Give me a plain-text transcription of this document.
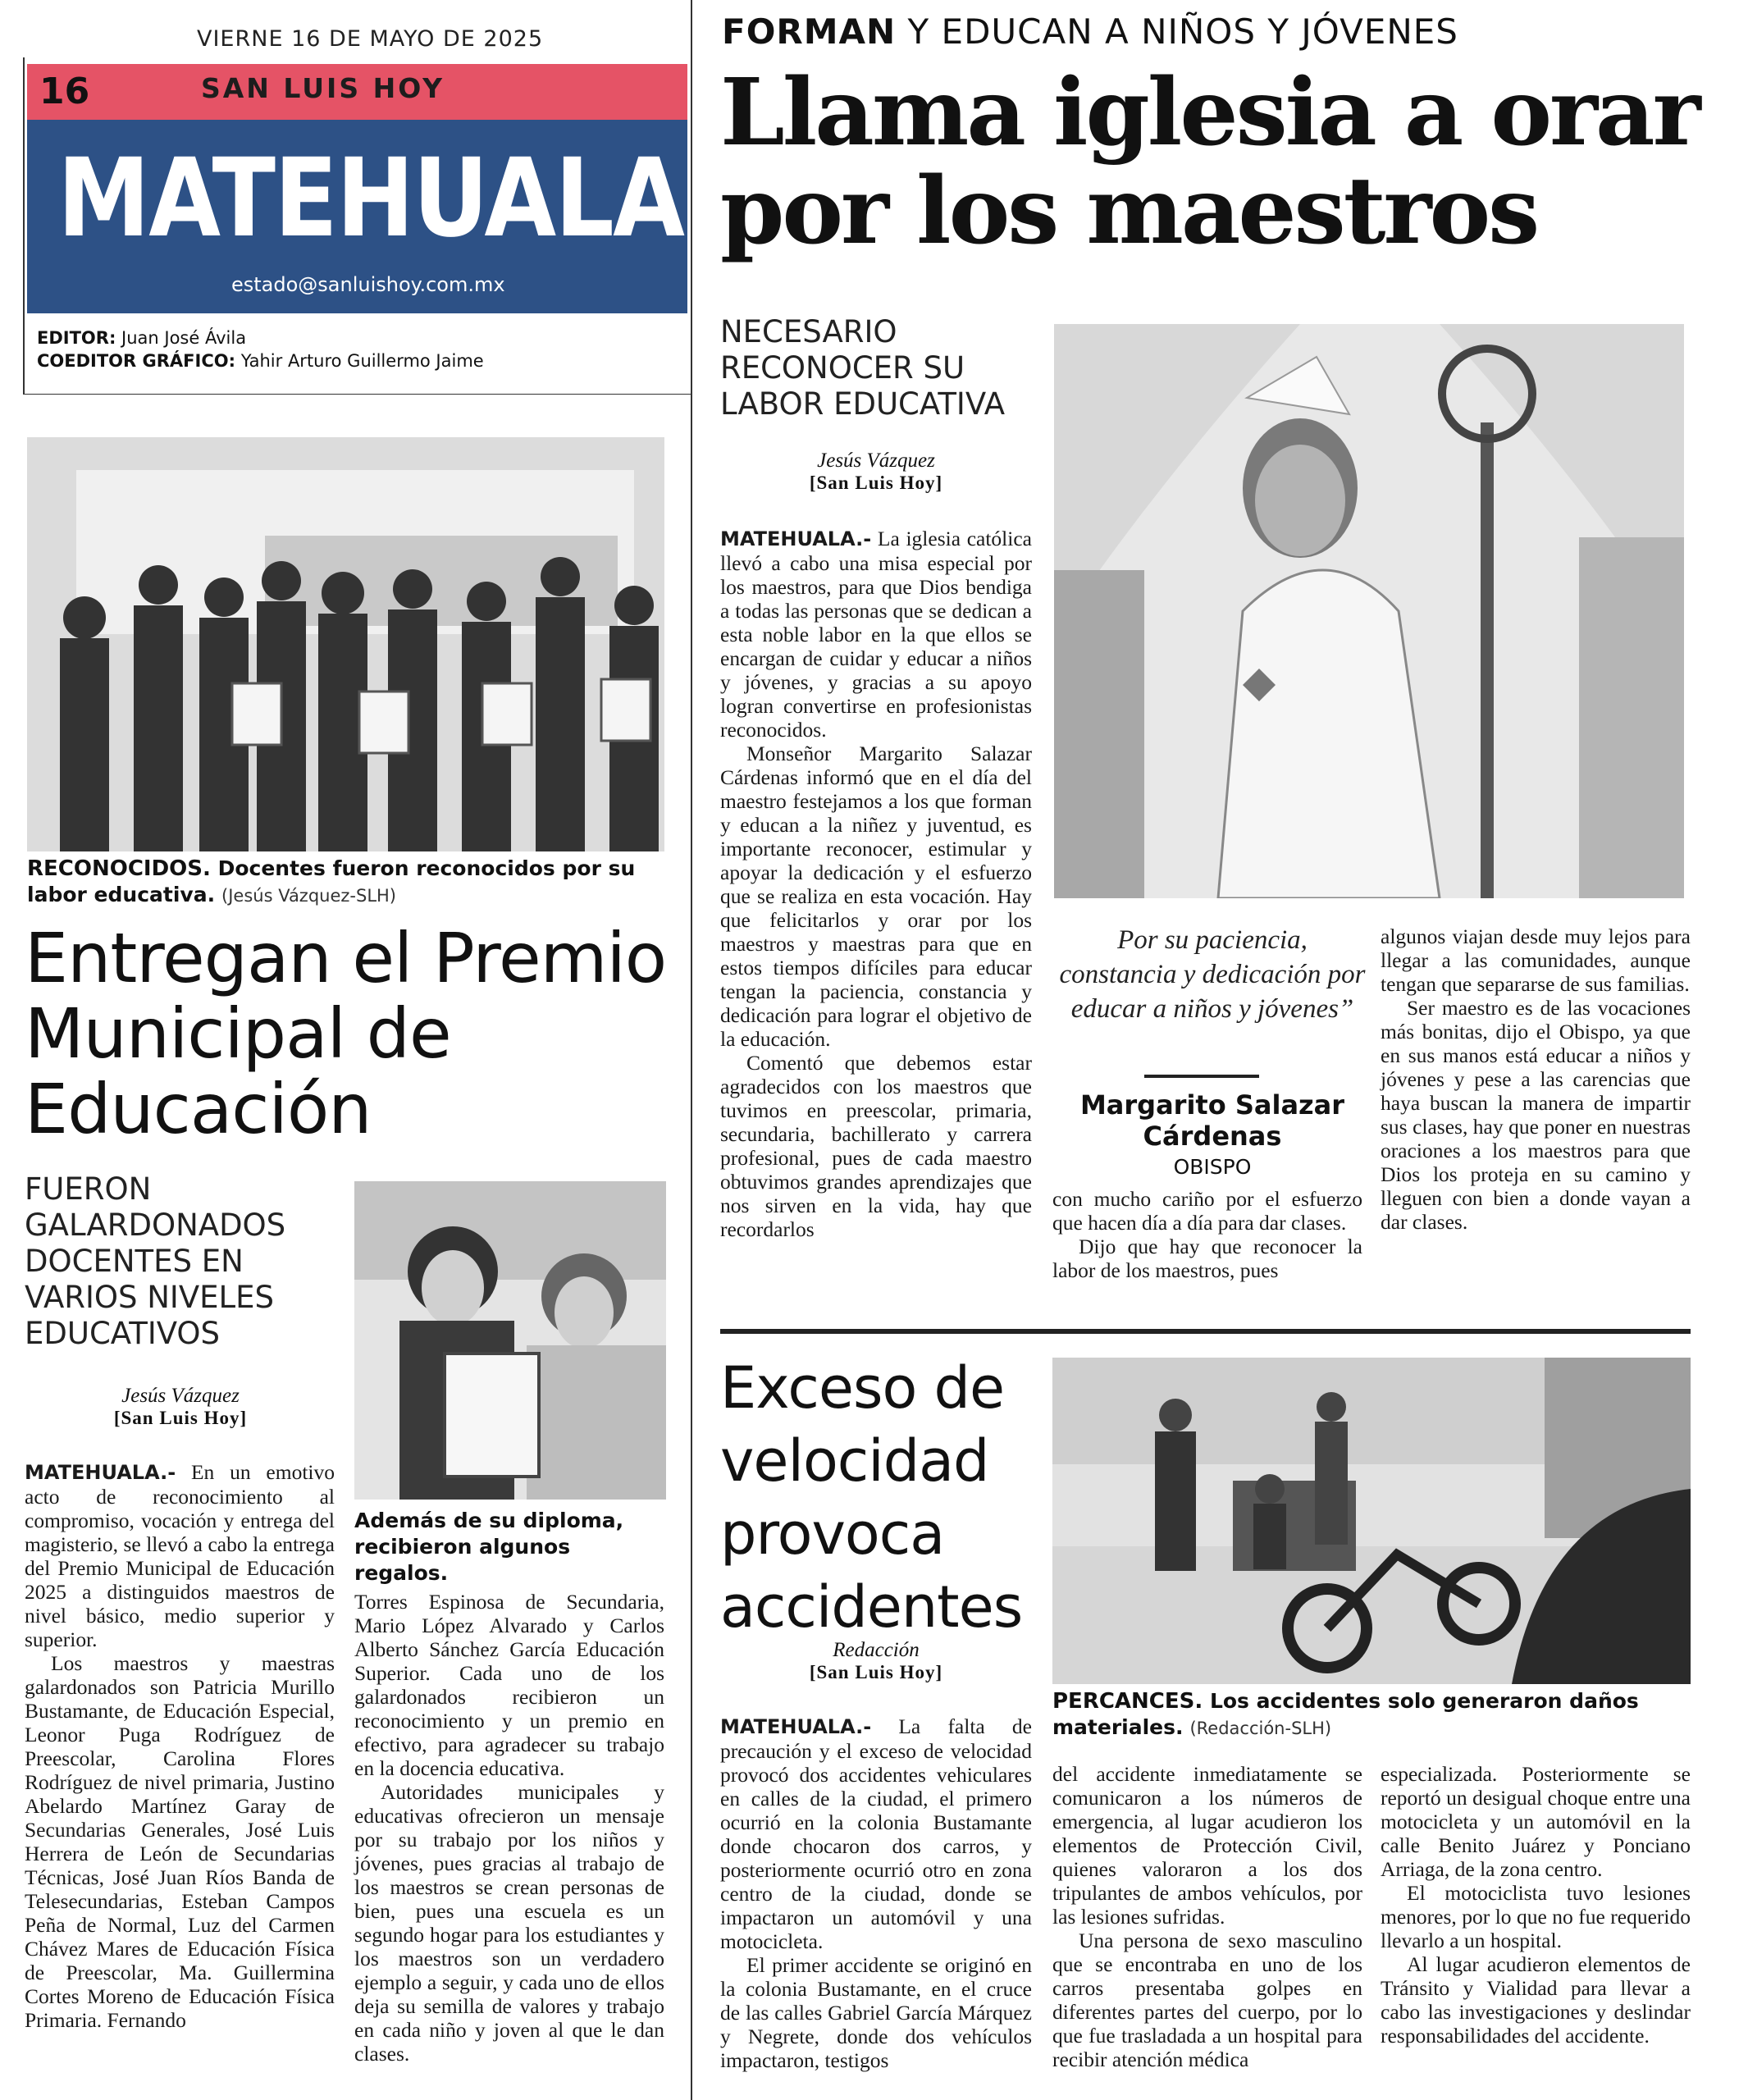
VIERNE 16 DE MAYO DE 2025
16	SAN LUIS HOY
MATEHUALA
estado@sanluishoy.com.mx
EDITOR: Juan José Ávila
COEDITOR GRÁFICO: Yahir Arturo Guillermo Jaime
RECONOCIDOS. Docentes fueron reconocidos por su labor educativa. (Jesús Vázquez-SLH)
Entregan el Premio Municipal de Educación
FUERON GALARDONADOS DOCENTES EN VARIOS NIVELES EDUCATIVOS
Jesús Vázquez
[San Luis Hoy]
Además de su diploma, recibieron algunos regalos.

MATEHUALA.- En un emotivo acto de reconocimiento al compromiso, vocación y entrega del magisterio, se llevó a cabo la entrega del Premio Municipal de Educación 2025 a distinguidos maestros de nivel básico, medio superior y superior.

Los maestros y maestras galardonados son Patricia Murillo Bustamante, de Educación Especial, Leonor Puga Rodríguez de Preescolar, Carolina Flores Rodríguez de nivel primaria, Justino Abelardo Martínez Garay de Secundarias Generales, José Luis Herrera de León de Secundarias Técnicas, José Juan Ríos Banda de Telesecundarias, Esteban Campos Peña de Normal, Luz del Carmen Chávez Mares de Educación Física de Preescolar, Ma. Guillermina Cortes Moreno de Educación Física Primaria. Fernando

Torres Espinosa de Secundaria, Mario López Alvarado y Carlos Alberto Sánchez García Educación Superior. Cada uno de los galardonados recibieron un reconocimiento y un premio en efectivo, para agradecer su trabajo en la docencia educativa.

Autoridades municipales y educativas ofrecieron un mensaje por su trabajo por los niños y jóvenes, pues gracias al trabajo de los maestros se crean personas de bien, pues una escuela es un segundo hogar para los estudiantes y los maestros son un verdadero ejemplo a seguir, y cada uno de ellos deja su semilla de valores y trabajo en cada niño y joven al que le dan clases.

FORMAN Y EDUCAN A NIÑOS Y JÓVENES
Llama iglesia a orar por los maestros
NECESARIO RECONOCER SU LABOR EDUCATIVA
Jesús Vázquez
[San Luis Hoy]

MATEHUALA.- La iglesia católica llevó a cabo una misa especial por los maestros, para que Dios bendiga a todas las personas que se dedican a esta noble labor en la que ellos se encargan de cuidar y educar a niños y jóvenes, y gracias a su apoyo logran convertirse en profesionistas reconocidos.

Monseñor Margarito Salazar Cárdenas informó que en el día del maestro festejamos a los que forman y educan a la niñez y juventud, es importante reconocer, estimular y apoyar la dedicación y el esfuerzo que se realiza en esta vocación. Hay que felicitarlos y orar por los maestros y maestras para que en estos tiempos difíciles para educar tengan la paciencia, constancia y dedicación para lograr el objetivo de la educación.

Comentó que debemos estar agradecidos con los maestros que tuvimos en preescolar, primaria, secundaria, bachillerato y carrera profesional, pues de cada maestro obtuvimos grandes aprendizajes que nos sirven en la vida, hay que recordarlos

Por su paciencia, constancia y dedicación por educar a niños y jóvenes”
Margarito Salazar Cárdenas
OBISPO

con mucho cariño por el esfuerzo que hacen día a día para dar clases.

Dijo que hay que reconocer la labor de los maestros, pues

algunos viajan desde muy lejos para llegar a las comunidades, aunque tengan que separarse de sus familias.

Ser maestro es de las vocaciones más bonitas, dijo el Obispo, ya que en sus manos está educar a niños y jóvenes y pese a las carencias que haya buscan la manera de impartir sus clases, hay que poner en nuestras oraciones a los maestros para que Dios los proteja en su camino y lleguen con bien a donde vayan a dar clases.

Exceso de velocidad provoca accidentes
Redacción
[San Luis Hoy]
PERCANCES. Los accidentes solo generaron daños materiales. (Redacción-SLH)

MATEHUALA.- La falta de precaución y el exceso de velocidad provocó dos accidentes vehiculares en calles de la ciudad, el primero ocurrió en la colonia Bustamante donde chocaron dos carros, y posteriormente ocurrió otro en zona centro de la ciudad, donde se impactaron un automóvil y una motocicleta.

El primer accidente se originó en la colonia Bustamante, en el cruce de las calles Gabriel García Márquez y Negrete, donde dos vehículos impactaron, testigos

del accidente inmediatamente se comunicaron a los números de emergencia, al lugar acudieron los elementos de Protección Civil, quienes valoraron a los dos tripulantes de ambos vehículos, por las lesiones sufridas.

Una persona de sexo masculino que se encontraba en uno de los carros presentaba golpes en diferentes partes del cuerpo, por lo que fue trasladada a un hospital para recibir atención médica

especializada. Posteriormente se reportó un desigual choque entre una motocicleta y un automóvil en la calle Benito Juárez y Ponciano Arriaga, de la zona centro.

El motociclista tuvo lesiones menores, por lo que no fue requerido llevarlo a un hospital.

Al lugar acudieron elementos de Tránsito y Vialidad para llevar a cabo las investigaciones y deslindar responsabilidades del accidente.
